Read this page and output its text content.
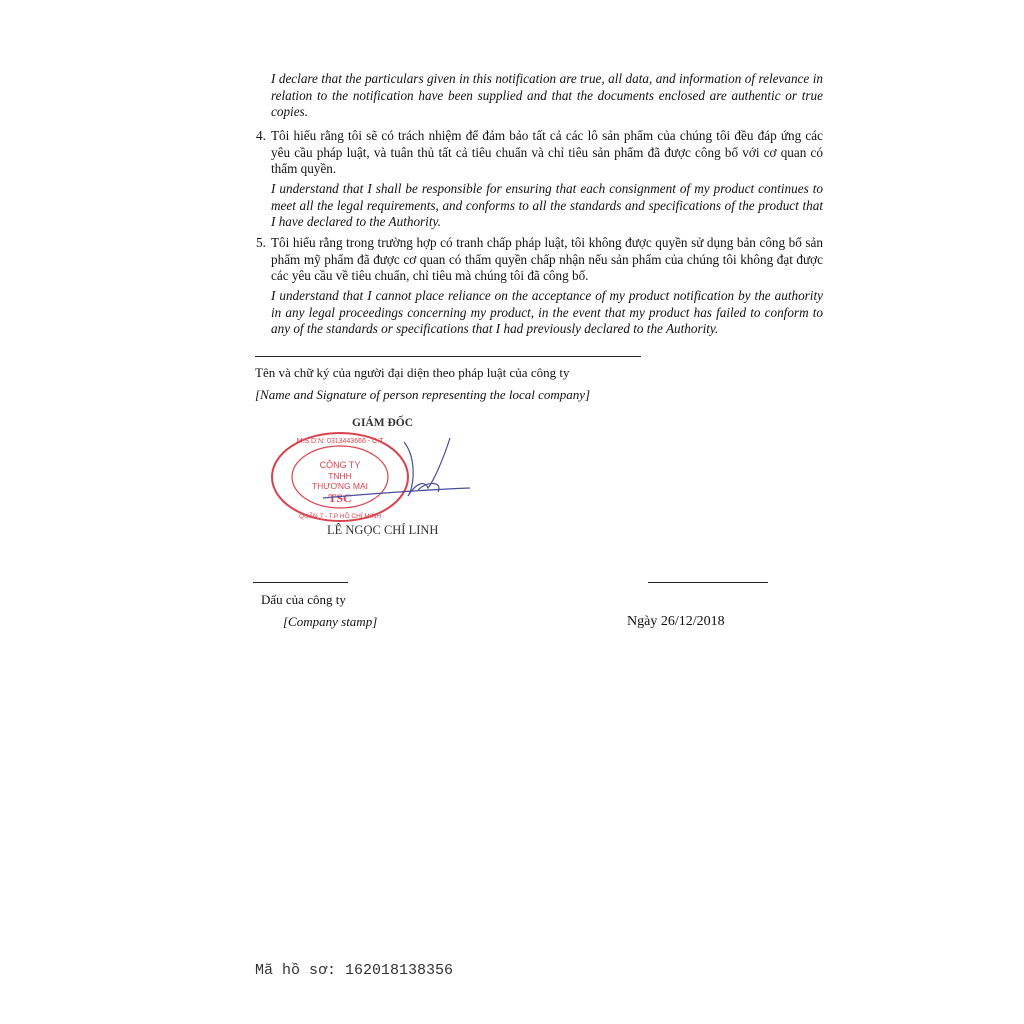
I declare that the particulars given in this notification are true, all data, and information of relevance in relation to the notification have been supplied and that the documents enclosed are authentic or true copies.

4. Tôi hiểu rằng tôi sẽ có trách nhiệm để đảm bảo tất cả các lô sản phẩm của chúng tôi đều đáp ứng các yêu cầu pháp luật, và tuân thủ tất cả tiêu chuẩn và chỉ tiêu sản phẩm đã được công bố với cơ quan có thẩm quyền.

I understand that I shall be responsible for ensuring that each consignment of my product continues to meet all the legal requirements, and conforms to all the standards and specifications of the product that I have declared to the Authority.

5. Tôi hiểu rằng trong trường hợp có tranh chấp pháp luật, tôi không được quyền sử dụng bản công bố sản phẩm mỹ phẩm đã được cơ quan có thẩm quyền chấp nhận nếu sản phẩm của chúng tôi không đạt được các yêu cầu về tiêu chuẩn, chỉ tiêu mà chúng tôi đã công bố.

I understand that I cannot place reliance on the acceptance of my product notification by the authority in any legal proceedings concerning my product, in the event that my product has failed to conform to any of the standards or specifications that I had previously declared to the Authority.

Tên và chữ ký của người đại diện theo pháp luật của công ty
[Name and Signature of person representing the local company]
GIÁM ĐỐC
CÔNG TY
TNHH
THƯƠNG MẠI
TSC
M.S.D.N: 0313443666 - C.T
QUẬN 7 - T.P HỒ CHÍ MINH
LÊ NGỌC CHÍ LINH
Dấu của công ty
[Company stamp]	Ngày 26/12/2018
Mã hồ sơ: 162018138356
